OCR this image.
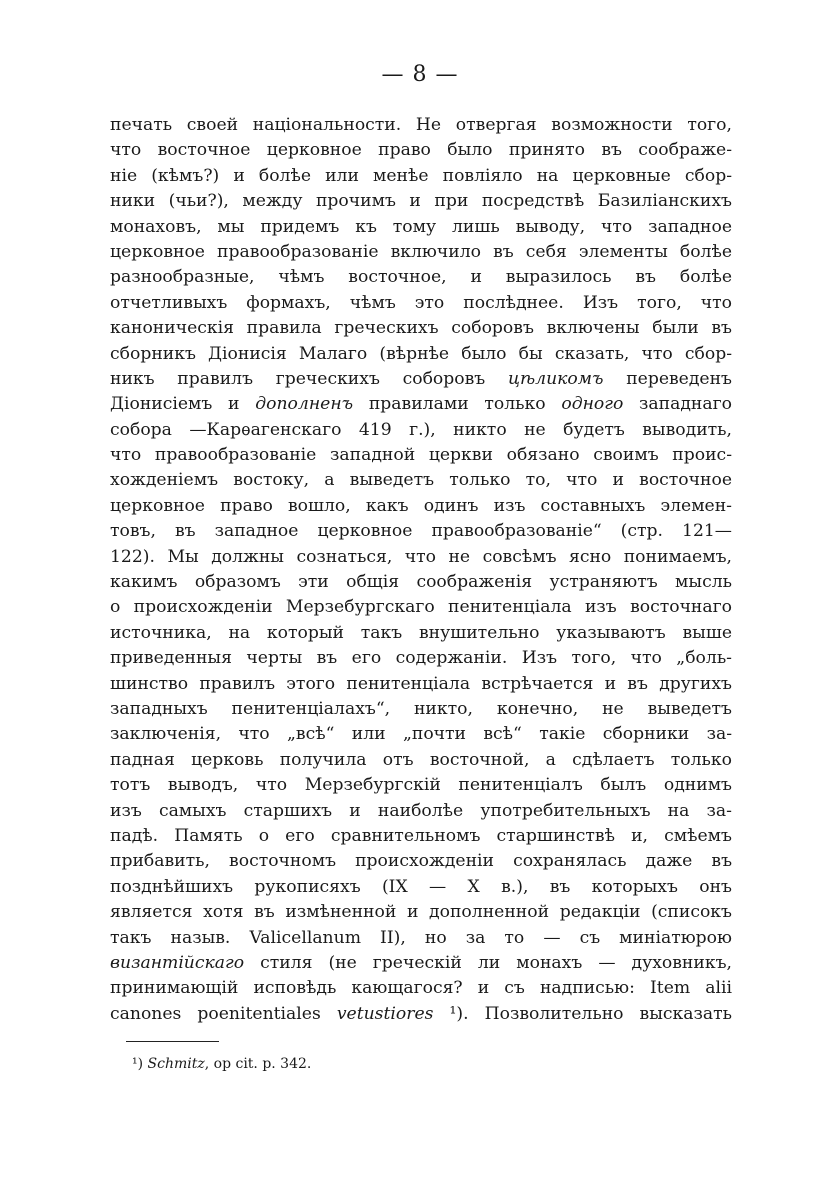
— 8 —
печать своей національности. Не отвергая возможности того,
что восточное церковное право было принято въ соображе-
ніе (кѣмъ?) и болѣе или менѣе повліяло на церковные сбор-
ники (чьи?), между прочимъ и при посредствѣ Базиліанскихъ
монаховъ, мы придемъ къ тому лишь выводу, что западное
церковное правообразованіе включило въ себя элементы болѣе
разнообразные, чѣмъ восточное, и выразилось въ болѣе
отчетливыхъ формахъ, чѣмъ это послѣднее. Изъ того, что
каноническія правила греческихъ соборовъ включены были въ
сборникъ Діонисія Малаго (вѣрнѣе было бы сказать, что сбор-
никъ правилъ греческихъ соборовъ цѣликомъ переведенъ
Діонисіемъ и дополненъ правилами только одного западнаго
собора —Карѳагенскаго 419 г.), никто не будетъ выводить,
что правообразованіе западной церкви обязано своимъ проис-
хожденіемъ востоку, а выведетъ только то, что и восточное
церковное право вошло, какъ одинъ изъ составныхъ элемен-
товъ, въ западное церковное правообразованіе“ (стр. 121—
122). Мы должны сознаться, что не совсѣмъ ясно понимаемъ,
какимъ образомъ эти общія соображенія устраняютъ мысль
о происхожденіи Мерзебургскаго пенитенціала изъ восточнаго
источника, на который такъ внушительно указываютъ выше
приведенныя черты въ его содержаніи. Изъ того, что „боль-
шинство правилъ этого пенитенціала встрѣчается и въ другихъ
западныхъ пенитенціалахъ“, никто, конечно, не выведетъ
заключенія, что „всѣ“ или „почти всѣ“ такіе сборники за-
падная церковь получила отъ восточной, а сдѣлаетъ только
тотъ выводъ, что Мерзебургскій пенитенціалъ былъ однимъ
изъ самыхъ старшихъ и наиболѣе употребительныхъ на за-
падѣ. Память о его сравнительномъ старшинствѣ и, смѣемъ
прибавить, восточномъ происхожденіи сохранялась даже въ
позднѣйшихъ рукописяхъ (IX — X в.), въ которыхъ онъ
является хотя въ измѣненной и дополненной редакціи (списокъ
такъ назыв. Valicellanum II), но за то — съ миніатюрою
византійскаго стиля (не греческій ли монахъ — духовникъ,
принимающій исповѣдь кающагося? и съ надписью: Item alii
canones poenitentiales vetustiores ¹). Позволительно высказать
¹) Schmitz, op cit. p. 342.
